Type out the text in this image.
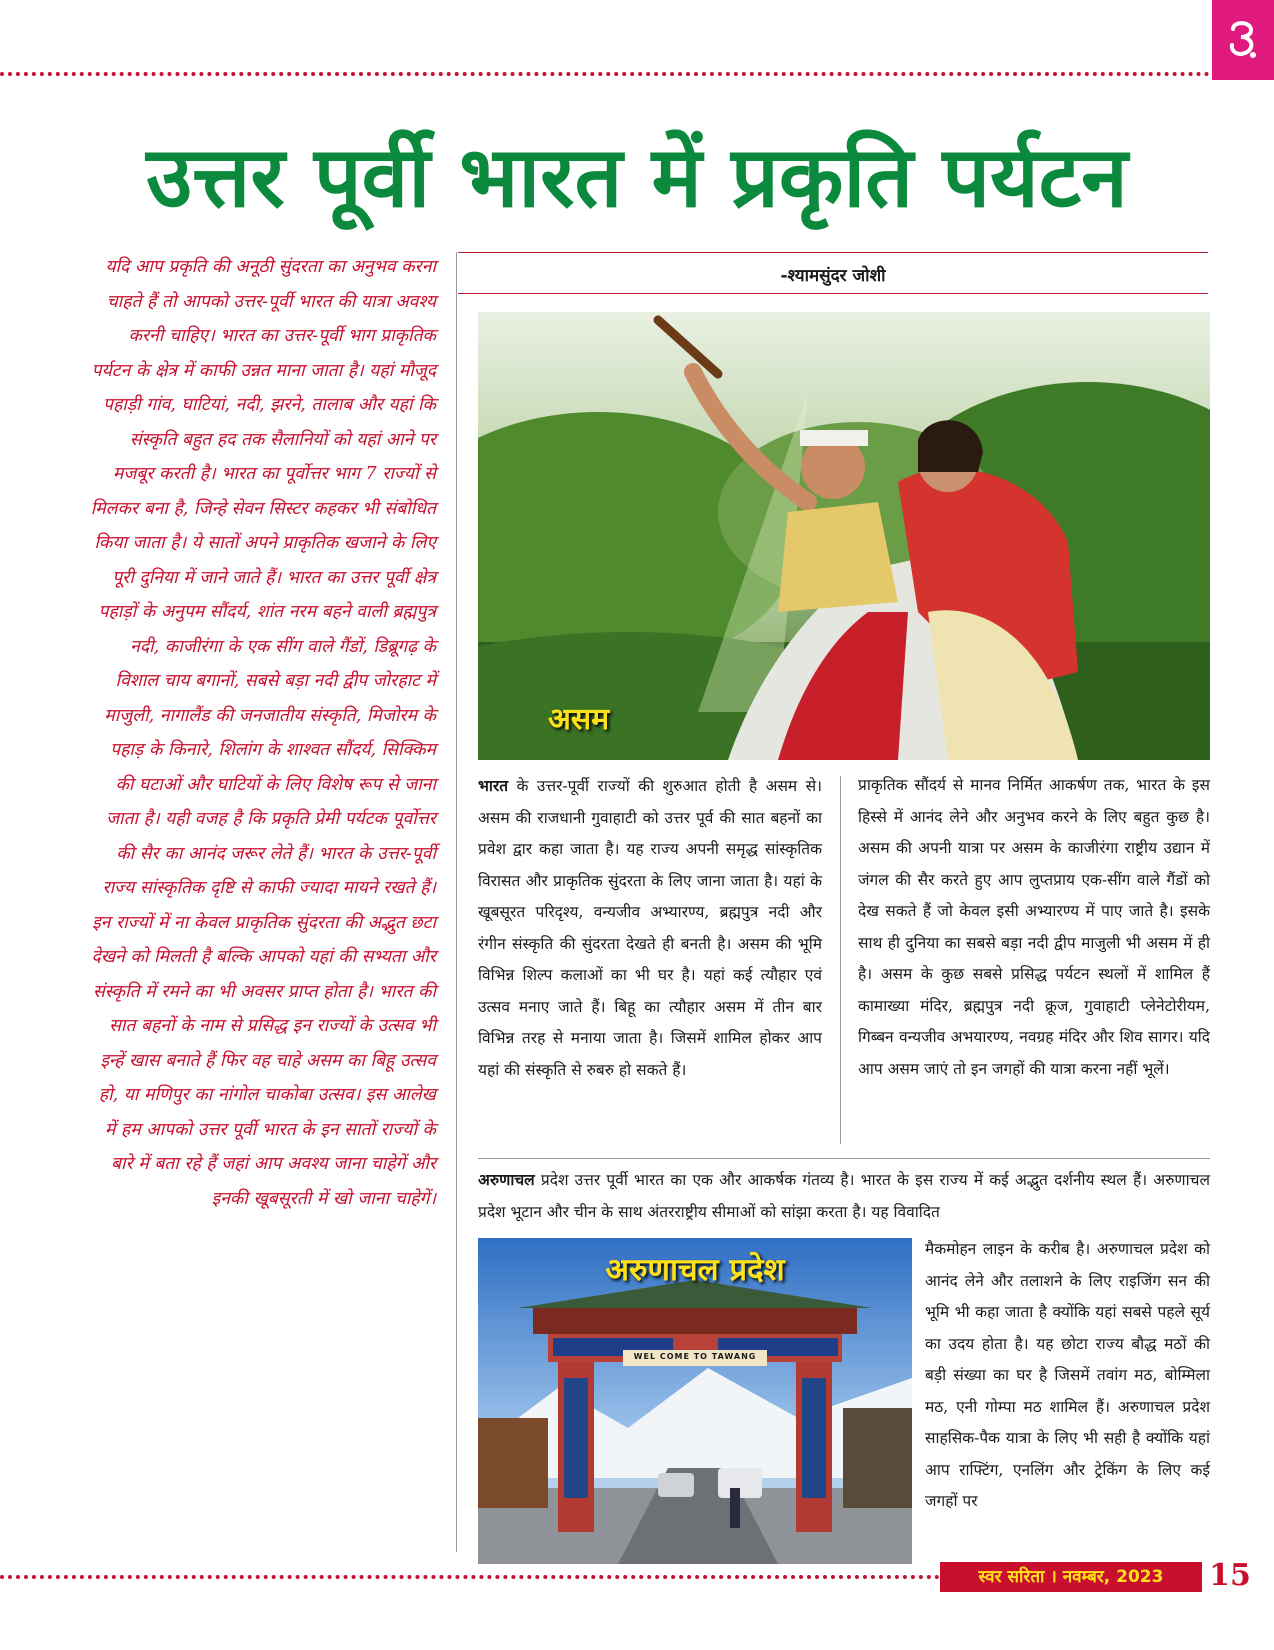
उत्तर पूर्वी भारत में प्रकृति पर्यटन

यदि आप प्रकृति की अनूठी सुंदरता का अनुभव करना चाहते हैं तो आपको उत्तर-पूर्वी भारत की यात्रा अवश्य करनी चाहिए। भारत का उत्तर-पूर्वी भाग प्राकृतिक पर्यटन के क्षेत्र में काफी उन्नत माना जाता है। यहां मौजूद पहाड़ी गांव, घाटियां, नदी, झरने, तालाब और यहां कि संस्कृति बहुत हद तक सैलानियों को यहां आने पर मजबूर करती है। भारत का पूर्वोत्तर भाग 7 राज्यों से मिलकर बना है, जिन्हे सेवन सिस्टर कहकर भी संबोधित किया जाता है। ये सातों अपने प्राकृतिक खजाने के लिए पूरी दुनिया में जाने जाते हैं। भारत का उत्तर पूर्वी क्षेत्र पहाड़ों के अनुपम सौंदर्य, शांत नरम बहने वाली ब्रह्मपुत्र नदी, काजीरंगा के एक सींग वाले गैंडों, डिब्रूगढ़ के विशाल चाय बगानों, सबसे बड़ा नदी द्वीप जोरहाट में माजुली, नागालैंड की जनजातीय संस्कृति, मिजोरम के पहाड़ के किनारे, शिलांग के शाश्वत सौंदर्य, सिक्किम की घटाओं और घाटियों के लिए विशेष रूप से जाना जाता है। यही वजह है कि प्रकृति प्रेमी पर्यटक पूर्वोत्तर की सैर का आनंद जरूर लेते हैं। भारत के उत्तर-पूर्वी राज्य सांस्कृतिक दृष्टि से काफी ज्यादा मायने रखते हैं। इन राज्यों में ना केवल प्राकृतिक सुंदरता की अद्भुत छटा देखने को मिलती है बल्कि आपको यहां की सभ्यता और संस्कृति में रमने का भी अवसर प्राप्त होता है। भारत की सात बहनों के नाम से प्रसिद्ध इन राज्यों के उत्सव भी इन्हें खास बनाते हैं फिर वह चाहे असम का बिहू उत्सव हो, या मणिपुर का नांगोल चाकोबा उत्सव। इस आलेख में हम आपको उत्तर पूर्वी भारत के इन सातों राज्यों के बारे में बता रहे हैं जहां आप अवश्य जाना चाहेगें और इनकी खूबसूरती में खो जाना चाहेगें।

-श्यामसुंदर जोशी
असम

भारत के उत्तर-पूर्वी राज्यों की शुरुआत होती है असम से। असम की राजधानी गुवाहाटी को उत्तर पूर्व की सात बहनों का प्रवेश द्वार कहा जाता है। यह राज्य अपनी समृद्ध सांस्कृतिक विरासत और प्राकृतिक सुंदरता के लिए जाना जाता है। यहां के खूबसूरत परिदृश्य, वन्यजीव अभ्यारण्य, ब्रह्मपुत्र नदी और रंगीन संस्कृति की सुंदरता देखते ही बनती है। असम की भूमि विभिन्न शिल्प कलाओं का भी घर है। यहां कई त्यौहार एवं उत्सव मनाए जाते हैं। बिहू का त्यौहार असम में तीन बार विभिन्न तरह से मनाया जाता है। जिसमें शामिल होकर आप यहां की संस्कृति से रुबरु हो सकते हैं।

प्राकृतिक सौंदर्य से मानव निर्मित आकर्षण तक, भारत के इस हिस्से में आनंद लेने और अनुभव करने के लिए बहुत कुछ है। असम की अपनी यात्रा पर असम के काजीरंगा राष्ट्रीय उद्यान में जंगल की सैर करते हुए आप लुप्तप्राय एक-सींग वाले गैंडों को देख सकते हैं जो केवल इसी अभ्यारण्य में पाए जाते है। इसके साथ ही दुनिया का सबसे बड़ा नदी द्वीप माजुली भी असम में ही है। असम के कुछ सबसे प्रसिद्ध पर्यटन स्थलों में शामिल हैं कामाख्या मंदिर, ब्रह्मपुत्र नदी क्रूज, गुवाहाटी प्लेनेटोरीयम, गिब्बन वन्यजीव अभयारण्य, नवग्रह मंदिर और शिव सागर। यदि आप असम जाएं तो इन जगहों की यात्रा करना नहीं भूलें।

अरुणाचल प्रदेश उत्तर पूर्वी भारत का एक और आकर्षक गंतव्य है। भारत के इस राज्य में कई अद्भुत दर्शनीय स्थल हैं। अरुणाचल प्रदेश भूटान और चीन के साथ अंतरराष्ट्रीय सीमाओं को सांझा करता है। यह विवादित

अरुणाचल प्रदेश
WEL COME TO TAWANG

मैकमोहन लाइन के करीब है। अरुणाचल प्रदेश को आनंद लेने और तलाशने के लिए राइजिंग सन की भूमि भी कहा जाता है क्योंकि यहां सबसे पहले सूर्य का उदय होता है। यह छोटा राज्य बौद्ध मठों की बड़ी संख्या का घर है जिसमें तवांग मठ, बोम्मिला मठ, एनी गोम्पा मठ शामिल हैं। अरुणाचल प्रदेश साहसिक-पैक यात्रा के लिए भी सही है क्योंकि यहां आप राफ्टिंग, एनलिंग और ट्रेकिंग के लिए कई जगहों पर

स्वर सरिता । नवम्बर, 2023	15
